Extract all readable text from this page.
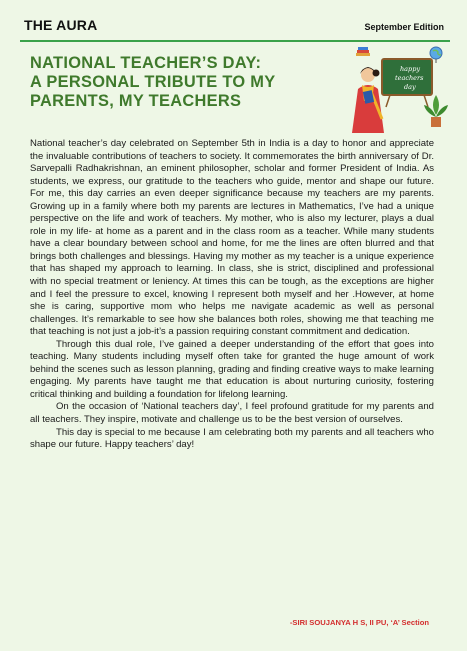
THE AURA	September Edition
NATIONAL TEACHER’S DAY:
A PERSONAL TRIBUTE TO MY
PARENTS, MY TEACHERS
happy
teachers
day

National teacher’s day celebrated on September 5th in India is a day to honor and appreciate the invaluable contributions of teachers to society. It commemorates the birth anniversary of Dr. Sarvepalli Radhakrishnan, an eminent philosopher, scholar and former President of India. As students, we express, our gratitude to the teachers who guide, mentor and shape our future. For me, this day carries an even deeper significance because my teachers are my parents. Growing up in a family where both my parents are lectures in Mathematics, I’ve had a unique perspective on the life and work of teachers. My mother, who is also my lecturer, plays a dual role in my life- at home as a parent and in the class room as a teacher. While many students have a clear boundary between school and home, for me the lines are often blurred and that brings both challenges and blessings. Having my mother as my teacher is a unique experience that has shaped my approach to learning. In class, she is strict, disciplined and professional with no special treatment or leniency. At times this can be tough, as the exceptions are higher and I feel the pressure to excel, knowing I represent both myself and her .However, at home she is caring, supportive mom who helps me navigate academic as well as personal challenges. It’s remarkable to see how she balances both roles, showing me that teaching me that teaching is not just a job-it’s a passion requiring constant commitment and dedication.

Through this dual role, I’ve gained a deeper understanding of the effort that goes into teaching. Many students including myself often take for granted the huge amount of work behind the scenes such as lesson planning, grading and finding creative ways to make learning engaging. My parents have taught me that education is about nurturing curiosity, fostering critical thinking and building a foundation for lifelong learning.

On the occasion of ‘National teachers day’, I feel profound gratitude for my parents and all teachers. They inspire, motivate and challenge us to be the best version of ourselves.

This day is special to me because I am celebrating both my parents and all teachers who shape our future. Happy teachers’ day!

-SIRI SOUJANYA H S, II PU, ‘A’ Section
